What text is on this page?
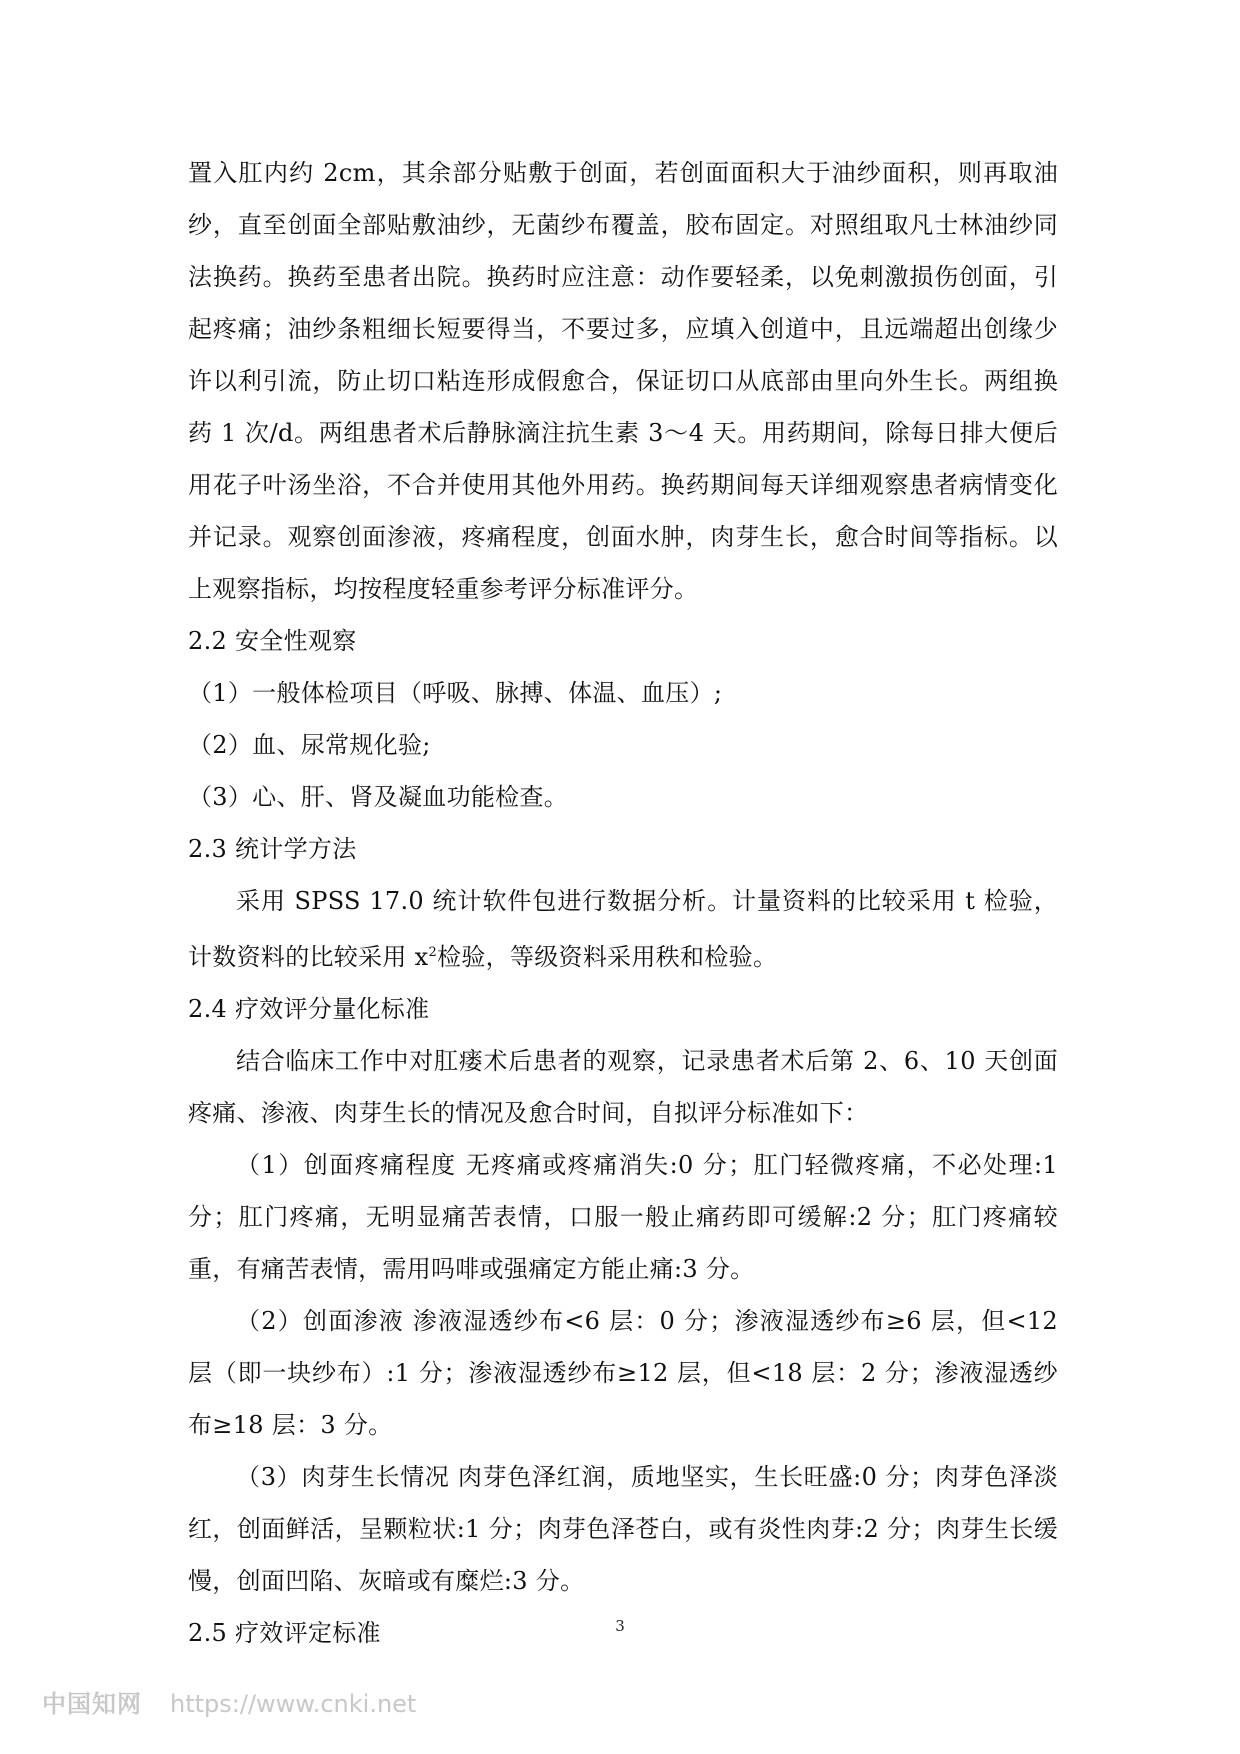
置入肛内约 2cm，其余部分贴敷于创面，若创面面积大于油纱面积，则再取油纱，直至创面全部贴敷油纱，无菌纱布覆盖，胶布固定。对照组取凡士林油纱同法换药。换药至患者出院。换药时应注意：动作要轻柔，以免刺激损伤创面，引起疼痛；油纱条粗细长短要得当，不要过多，应填入创道中，且远端超出创缘少许以利引流，防止切口粘连形成假愈合，保证切口从底部由里向外生长。两组换药 1 次/d。两组患者术后静脉滴注抗生素 3～4 天。用药期间，除每日排大便后用花子叶汤坐浴，不合并使用其他外用药。换药期间每天详细观察患者病情变化并记录。观察创面渗液，疼痛程度，创面水肿，肉芽生长，愈合时间等指标。以上观察指标，均按程度轻重参考评分标准评分。

2.2 安全性观察

（1）一般体检项目（呼吸、脉搏、体温、血压）;

（2）血、尿常规化验;

（3）心、肝、肾及凝血功能检查。

2.3 统计学方法

采用 SPSS 17.0 统计软件包进行数据分析。计量资料的比较采用 t 检验，计数资料的比较采用 $x^2$检验，等级资料采用秩和检验。

2.4 疗效评分量化标准

结合临床工作中对肛瘘术后患者的观察，记录患者术后第 2、6、10 天创面疼痛、渗液、肉芽生长的情况及愈合时间，自拟评分标准如下：

（1）创面疼痛程度 无疼痛或疼痛消失:0 分；肛门轻微疼痛，不必处理:1 分；肛门疼痛，无明显痛苦表情，口服一般止痛药即可缓解:2 分；肛门疼痛较重，有痛苦表情，需用吗啡或强痛定方能止痛:3 分。

（2）创面渗液 渗液湿透纱布<6 层：0 分；渗液湿透纱布≥6 层，但<12 层（即一块纱布）:1 分；渗液湿透纱布≥12 层，但<18 层：2 分；渗液湿透纱布≥18 层：3 分。

（3）肉芽生长情况 肉芽色泽红润，质地坚实，生长旺盛:0 分；肉芽色泽淡红，创面鲜活，呈颗粒状:1 分；肉芽色泽苍白，或有炎性肉芽:2 分；肉芽生长缓慢，创面凹陷、灰暗或有糜烂:3 分。

2.5 疗效评定标准	3
中国知网 https://www.cnki.net
